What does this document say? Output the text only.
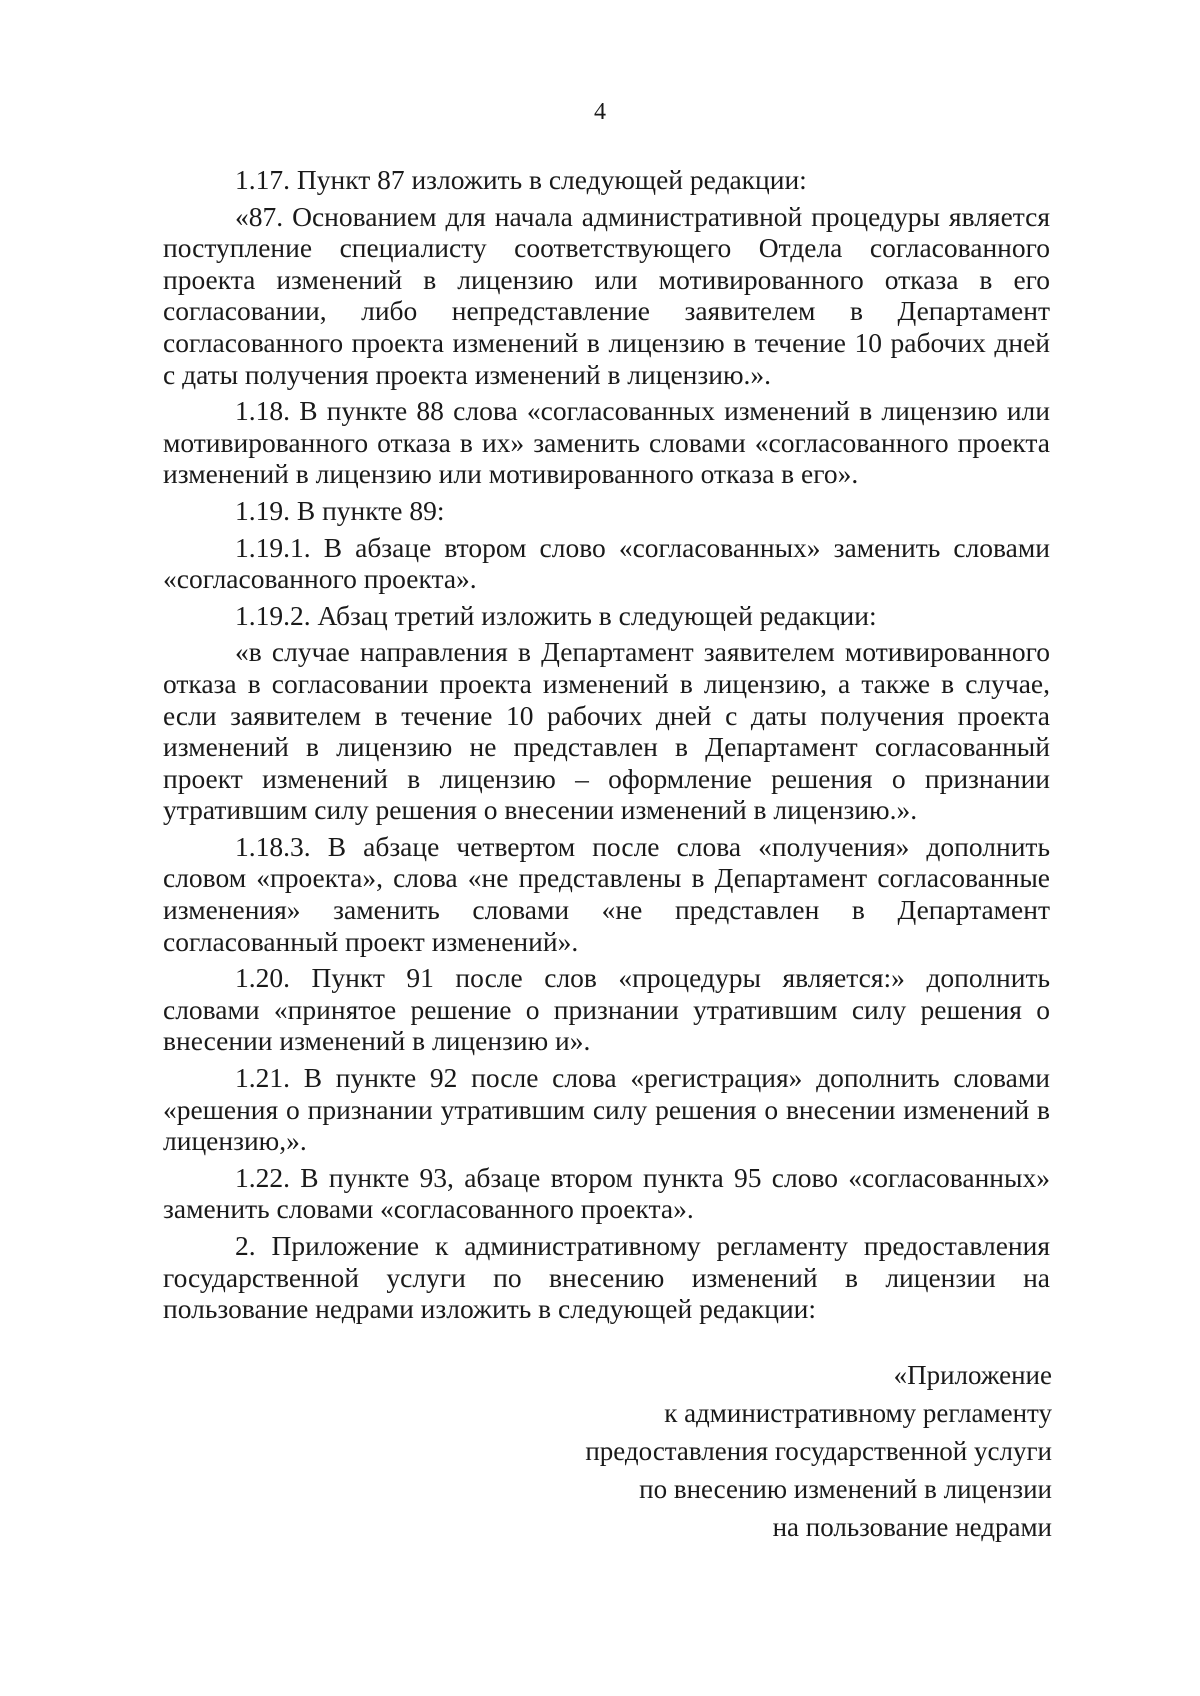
4

1.17. Пункт 87 изложить в следующей редакции:

«87. Основанием для начала административной процедуры является поступление специалисту соответствующего Отдела согласованного проекта изменений в лицензию или мотивированного отказа в его согласовании, либо непредставление заявителем в Департамент согласованного проекта изменений в лицензию в течение 10 рабочих дней с даты получения проекта изменений в лицензию.».

1.18. В пункте 88 слова «согласованных изменений в лицензию или мотивированного отказа в их» заменить словами «согласованного проекта изменений в лицензию или мотивированного отказа в его».

1.19. В пункте 89:

1.19.1. В абзаце втором слово «согласованных» заменить словами «согласованного проекта».

1.19.2. Абзац третий изложить в следующей редакции:

«в случае направления в Департамент заявителем мотивированного отказа в согласовании проекта изменений в лицензию, а также в случае, если заявителем в течение 10 рабочих дней с даты получения проекта изменений в лицензию не представлен в Департамент согласованный проект изменений в лицензию – оформление решения о признании утратившим силу решения о внесении изменений в лицензию.».

1.18.3. В абзаце четвертом после слова «получения» дополнить словом «проекта», слова «не представлены в Департамент согласованные изменения» заменить словами «не представлен в Департамент согласованный проект изменений».

1.20. Пункт 91 после слов «процедуры является:» дополнить словами «принятое решение о признании утратившим силу решения о внесении изменений в лицензию и».

1.21. В пункте 92 после слова «регистрация» дополнить словами «решения о признании утратившим силу решения о внесении изменений в лицензию,».

1.22. В пункте 93, абзаце втором пункта 95 слово «согласованных» заменить словами «согласованного проекта».

2. Приложение к административному регламенту предоставления государственной услуги по внесению изменений в лицензии на пользование недрами изложить в следующей редакции:

«Приложение
к административному регламенту
предоставления государственной услуги
по внесению изменений в лицензии
на пользование недрами
